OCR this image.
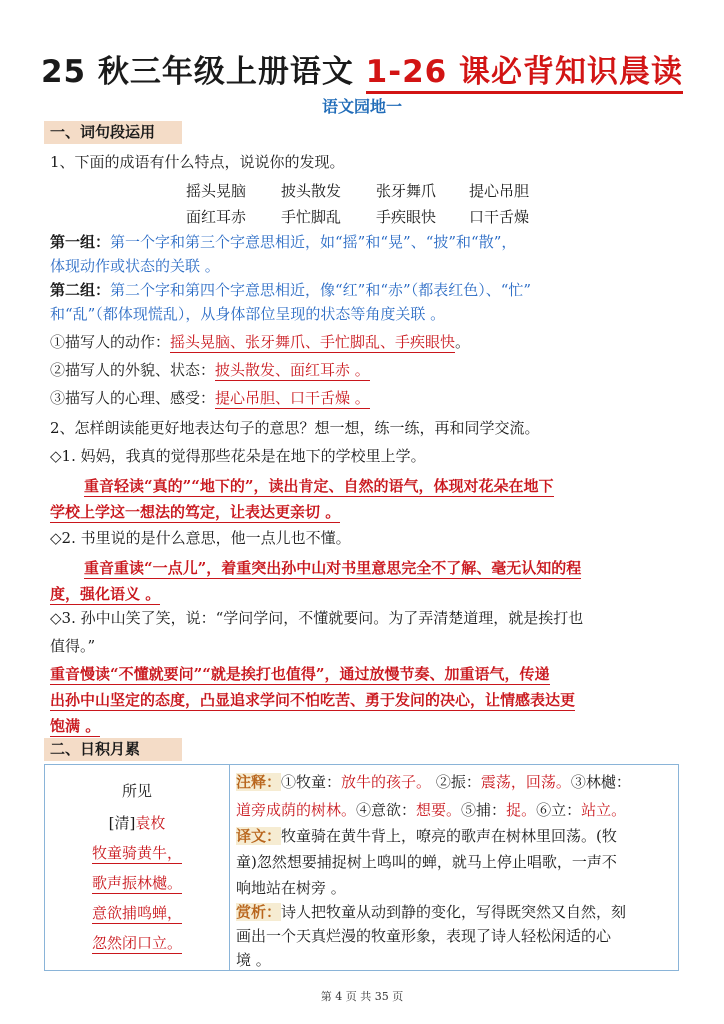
25 秋三年级上册语文 1-26 课必背知识晨读
语文园地一
一、词句段运用
1、下面的成语有什么特点，说说你的发现。
摇头晃脑 披头散发 张牙舞爪 提心吊胆
面红耳赤 手忙脚乱 手疾眼快 口干舌燥
第一组：第一个字和第三个字意思相近，如“摇”和“晃”、“披”和“散”，
体现动作或状态的关联 。
第二组：第二个字和第四个字意思相近，像“红”和“赤”（都表红色）、“忙”
和“乱”（都体现慌乱），从身体部位呈现的状态等角度关联 。
①描写人的动作：摇头晃脑、张牙舞爪、手忙脚乱、手疾眼快。
②描写人的外貌、状态：披头散发、面红耳赤 。
③描写人的心理、感受：提心吊胆、口干舌燥 。
2、怎样朗读能更好地表达句子的意思？想一想，练一练，再和同学交流。
◇1. 妈妈，我真的觉得那些花朵是在地下的学校里上学。
重音轻读“真的”“地下的”，读出肯定、自然的语气，体现对花朵在地下
学校上学这一想法的笃定，让表达更亲切 。
◇2. 书里说的是什么意思，他一点儿也不懂。
重音重读“一点儿”，着重突出孙中山对书里意思完全不了解、毫无认知的程
度，强化语义 。
◇3. 孙中山笑了笑，说：“学问学问，不懂就要问。为了弄清楚道理，就是挨打也
值得。”
重音慢读“不懂就要问”“就是挨打也值得”，通过放慢节奏、加重语气，传递
出孙中山坚定的态度，凸显追求学问不怕吃苦、勇于发问的决心，让情感表达更
饱满 。
二、日积月累
所见
[清]袁枚
牧童骑黄牛，
歌声振林樾。
意欲捕鸣蝉，
忽然闭口立。
注释：①牧童：放牛的孩子。 ②振：震荡，回荡。③林樾：
道旁成荫的树林。④意欲：想要。⑤捕：捉。⑥立：站立。
译文：牧童骑在黄牛背上，嘹亮的歌声在树林里回荡。(牧
童)忽然想要捕捉树上鸣叫的蝉，就马上停止唱歌，一声不
响地站在树旁 。
赏析：诗人把牧童从动到静的变化，写得既突然又自然，刻
画出一个天真烂漫的牧童形象，表现了诗人轻松闲适的心
境 。
第 4 页 共 35 页
